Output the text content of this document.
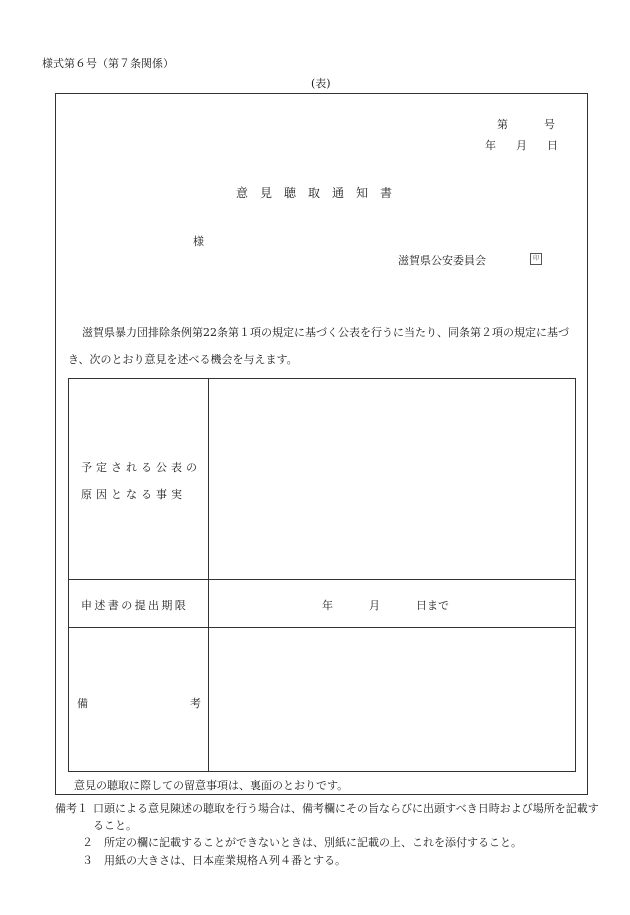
様式第６号（第７条関係）
(表)
第	号
年 月 日
意見聴取通知書
様
滋賀県公安委員会	印
滋賀県暴力団排除条例第22条第１項の規定に基づく公表を行うに当たり、同条第２項の規定に基づき、次のとおり意見を述べる機会を与えます。
予定される公表の
原因となる事実
申述書の提出期限	年	月	日まで
備	考
意見の聴取に際しての留意事項は、裏面のとおりです。
備考１ 口頭による意見陳述の聴取を行う場合は、備考欄にその旨ならびに出頭すべき日時および場所を記載す
ること。
２　所定の欄に記載することができないときは、別紙に記載の上、これを添付すること。
３　用紙の大きさは、日本産業規格Ａ列４番とする。
